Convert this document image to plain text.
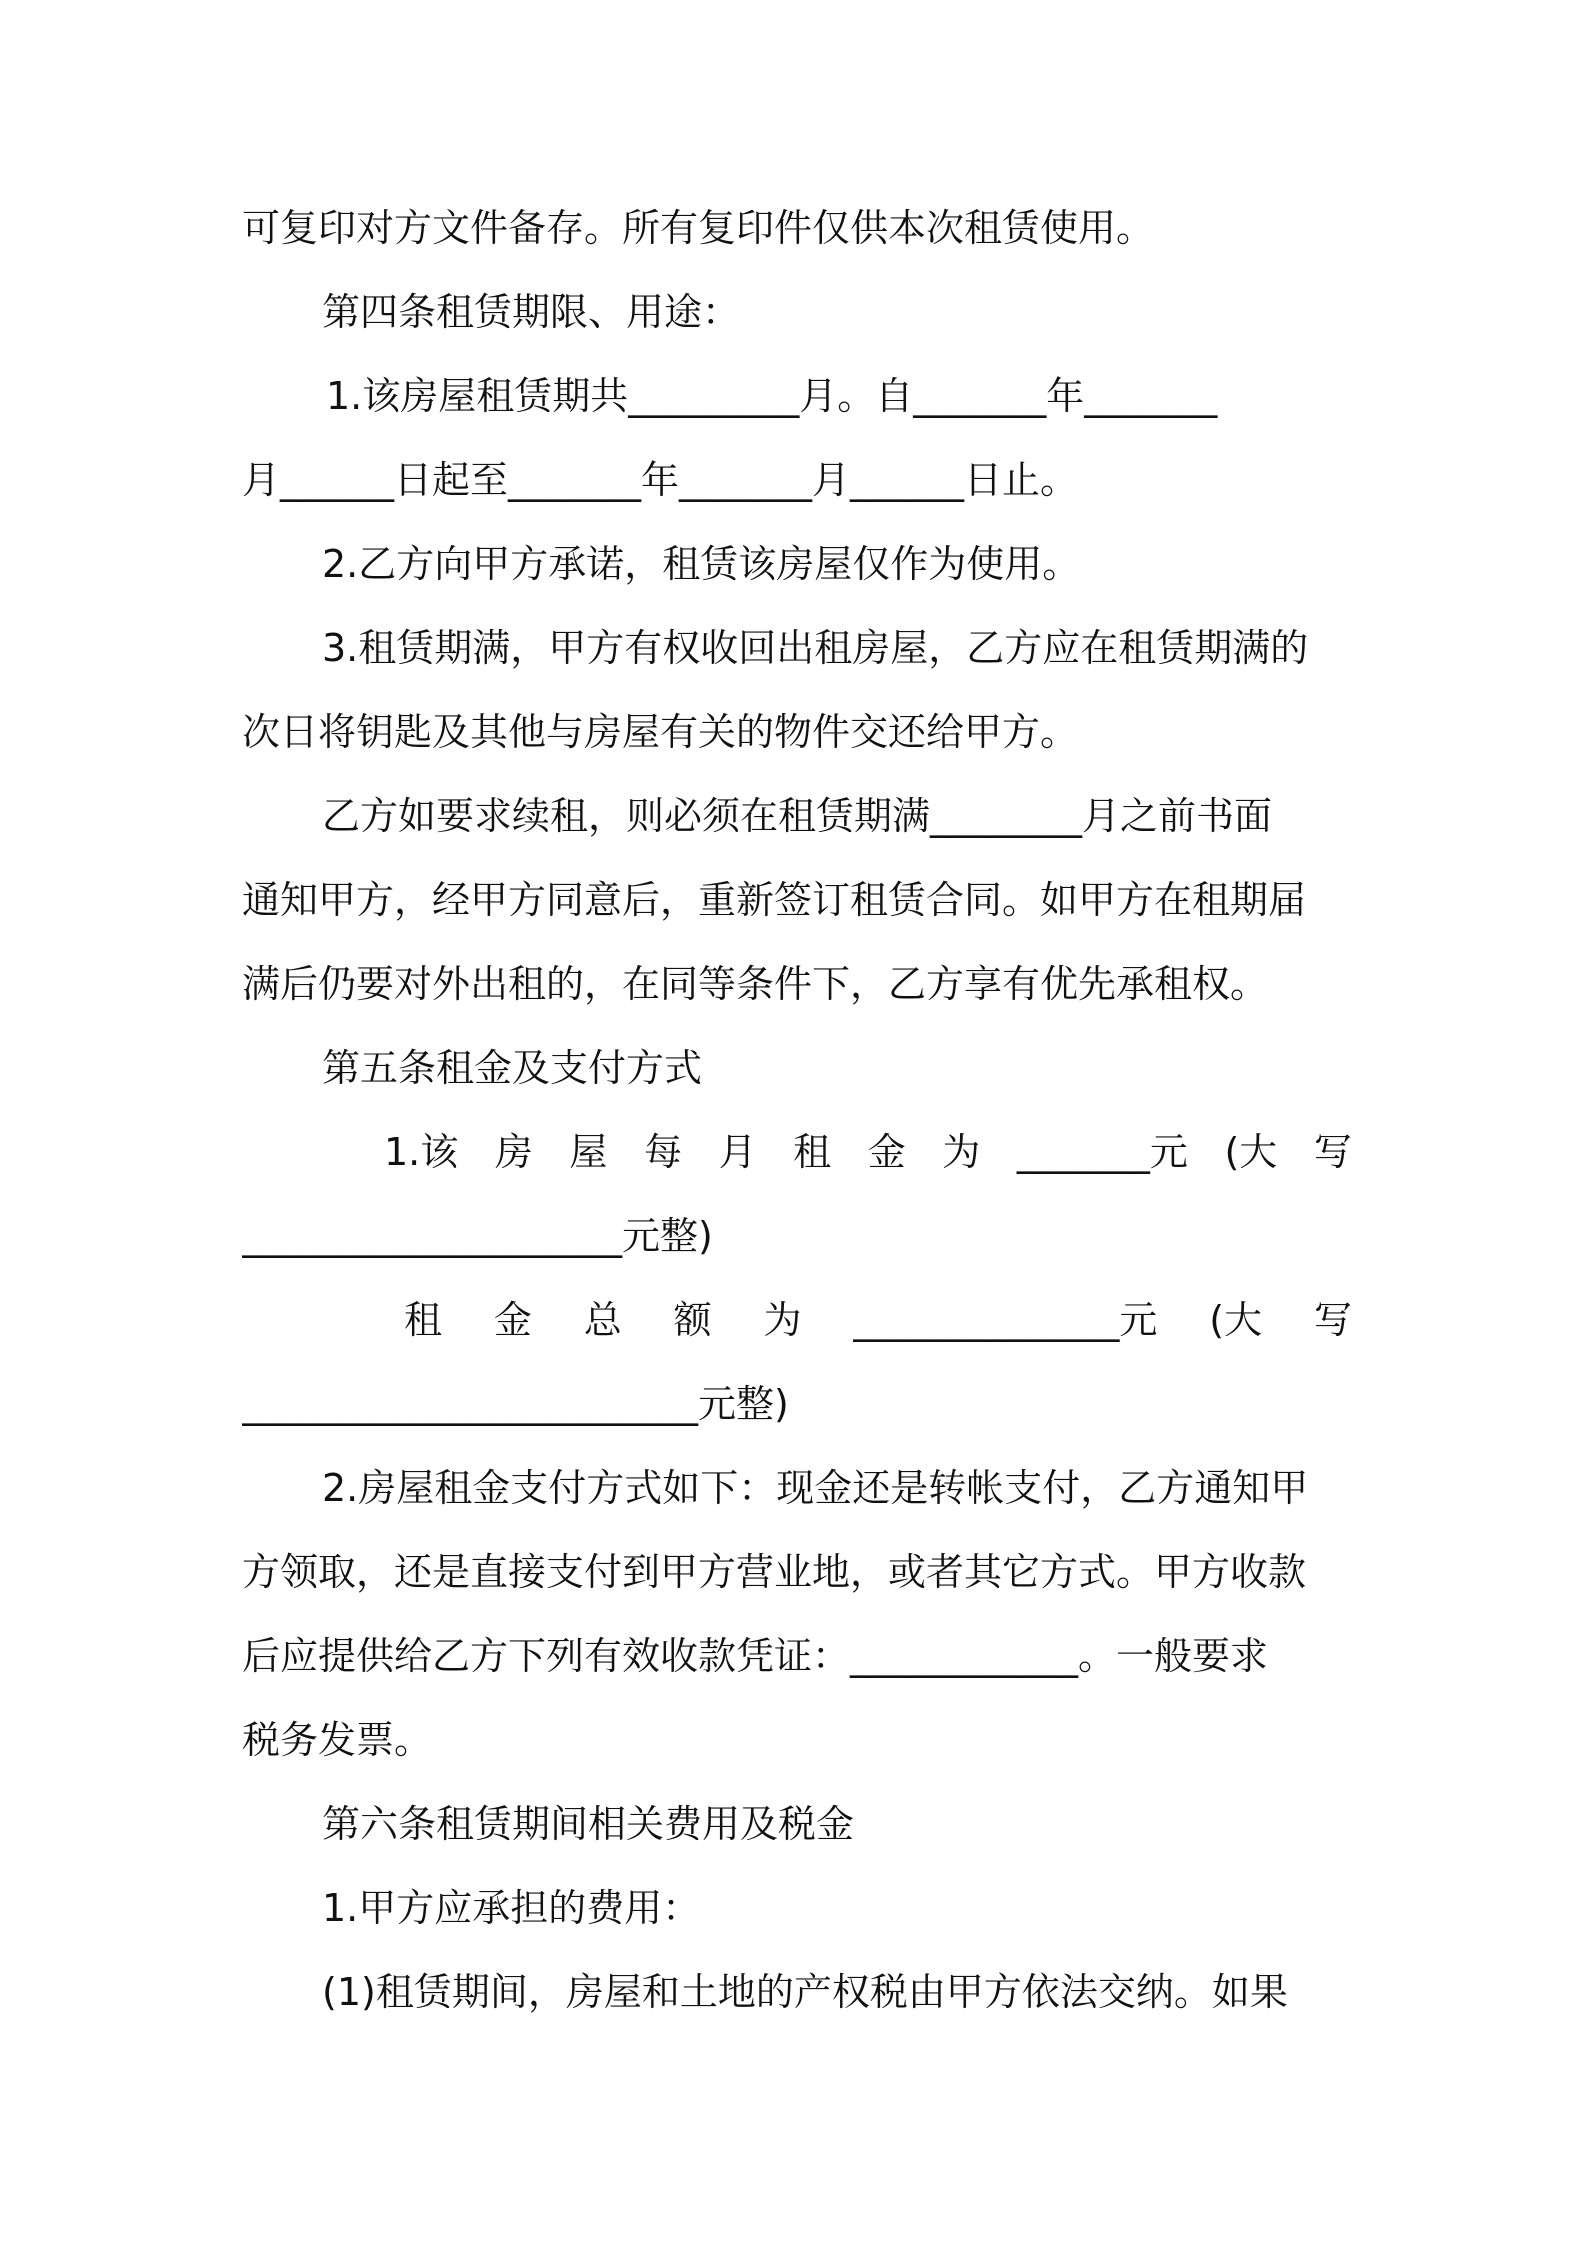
可复印对方文件备存。所有复印件仅供本次租赁使用。
第四条租赁期限、用途：
1.该房屋租赁期共_________月。自_______年_______
月______日起至_______年_______月______日止。
2.乙方向甲方承诺，租赁该房屋仅作为使用。
3.租赁期满，甲方有权收回出租房屋，乙方应在租赁期满的
次日将钥匙及其他与房屋有关的物件交还给甲方。
乙方如要求续租，则必须在租赁期满________月之前书面
通知甲方，经甲方同意后，重新签订租赁合同。如甲方在租期届
满后仍要对外出租的，在同等条件下，乙方享有优先承租权。
第五条租金及支付方式
1.该 房 屋 每 月 租 金 为 _______元 (大 写
____________________元整)
租 金 总 额 为 ______________元 (大 写
________________________元整)
2.房屋租金支付方式如下：现金还是转帐支付，乙方通知甲
方领取，还是直接支付到甲方营业地，或者其它方式。甲方收款
后应提供给乙方下列有效收款凭证：____________。一般要求
税务发票。
第六条租赁期间相关费用及税金
1.甲方应承担的费用：
(1)租赁期间，房屋和土地的产权税由甲方依法交纳。如果
